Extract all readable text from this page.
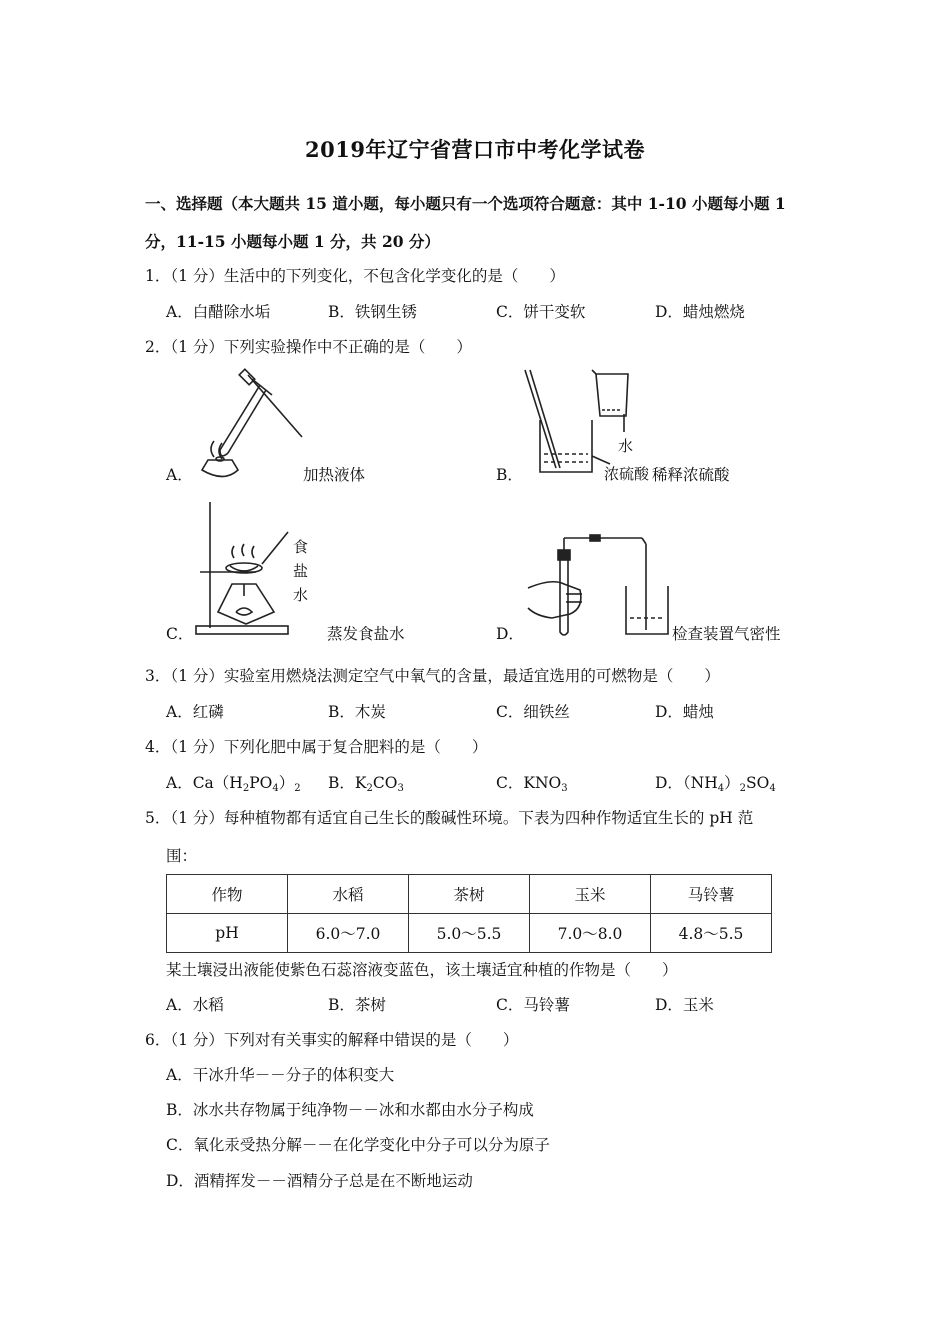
2019年辽宁省营口市中考化学试卷
一、选择题（本大题共 15 道小题，每小题只有一个选项符合题意：其中 1-10 小题每小题 1
分，11-15 小题每小题 1 分，共 20 分）
1．（1 分）生活中的下列变化，不包含化学变化的是（　　）
A．白醋除水垢	B．铁钢生锈	C．饼干变软	D．蜡烛燃烧
2．（1 分）下列实验操作中不正确的是（　　）
A．	加热液体
水
浓硫酸
B．	稀释浓硫酸
食
盐
水
C．	蒸发食盐水	D．	检查装置气密性
3．（1 分）实验室用燃烧法测定空气中氧气的含量，最适宜选用的可燃物是（　　）
A．红磷	B．木炭	C．细铁丝	D．蜡烛
4．（1 分）下列化肥中属于复合肥料的是（　　）
A．$Ca(H_2PO_4)_2$ B．$K_2CO_3$	C．$KNO_3$	D．$(NH_4)_2SO_4$
5．（1 分）每种植物都有适宜自己生长的酸碱性环境。下表为四种作物适宜生长的 pH 范
围：
作物	水稻	茶树	玉米	马铃薯
pH	6.0～7.0	5.0～5.5	7.0～8.0	4.8～5.5
某土壤浸出液能使紫色石蕊溶液变蓝色，该土壤适宜种植的作物是（　　）
A．水稻	B．茶树	C．马铃薯	D．玉米
6．（1 分）下列对有关事实的解释中错误的是（　　）
A．干冰升华－－分子的体积变大
B．冰水共存物属于纯净物－－冰和水都由水分子构成
C．氧化汞受热分解－－在化学变化中分子可以分为原子
D．酒精挥发－－酒精分子总是在不断地运动
